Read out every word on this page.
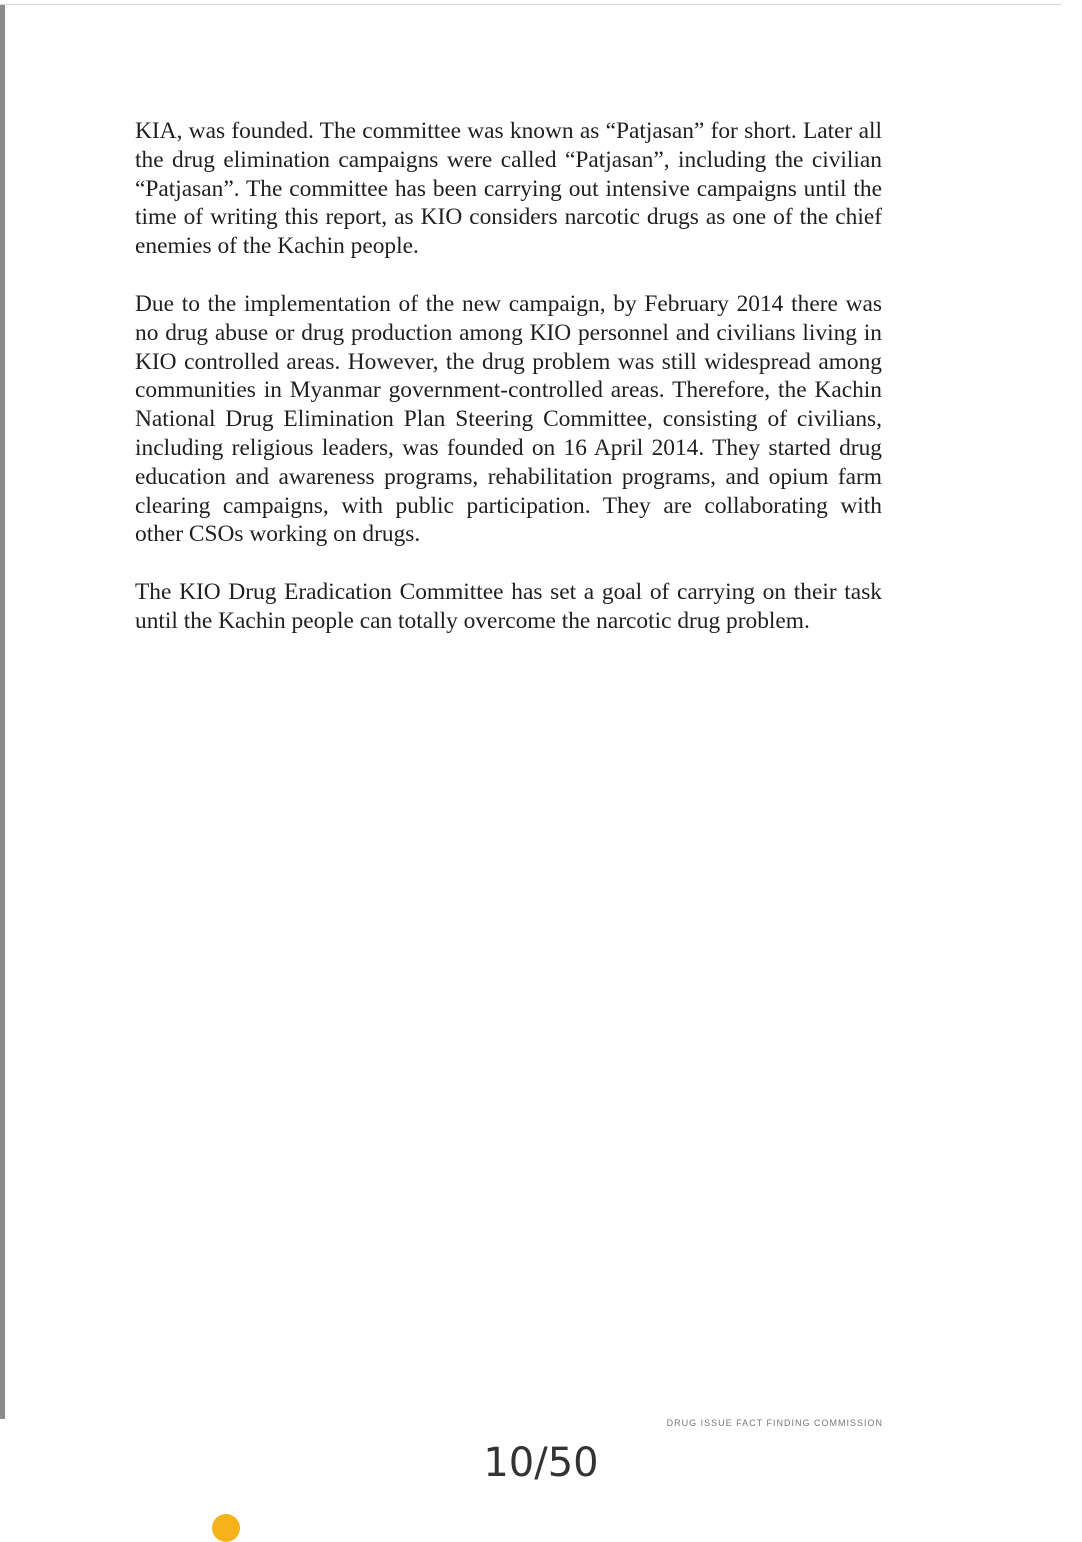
KIA, was founded. The committee was known as “Patjasan” for short. Later all the drug elimination campaigns were called “Patjasan”, including the civilian “Patjasan”. The committee has been carrying out intensive campaigns until the time of writing this report, as KIO considers narcotic drugs as one of the chief enemies of the Kachin people.

Due to the implementation of the new campaign, by February 2014 there was no drug abuse or drug production among KIO personnel and civilians living in KIO controlled areas. However, the drug problem was still widespread among communities in Myanmar government-controlled areas. Therefore, the Kachin National Drug Elimination Plan Steering Committee, consisting of civilians, including religious leaders, was founded on 16 April 2014. They started drug education and awareness programs, rehabilitation programs, and opium farm clearing campaigns, with public participation. They are collaborating with other CSOs working on drugs.

The KIO Drug Eradication Committee has set a goal of carrying on their task until the Kachin people can totally overcome the narcotic drug problem.

DRUG ISSUE FACT FINDING COMMISSION
10/50
